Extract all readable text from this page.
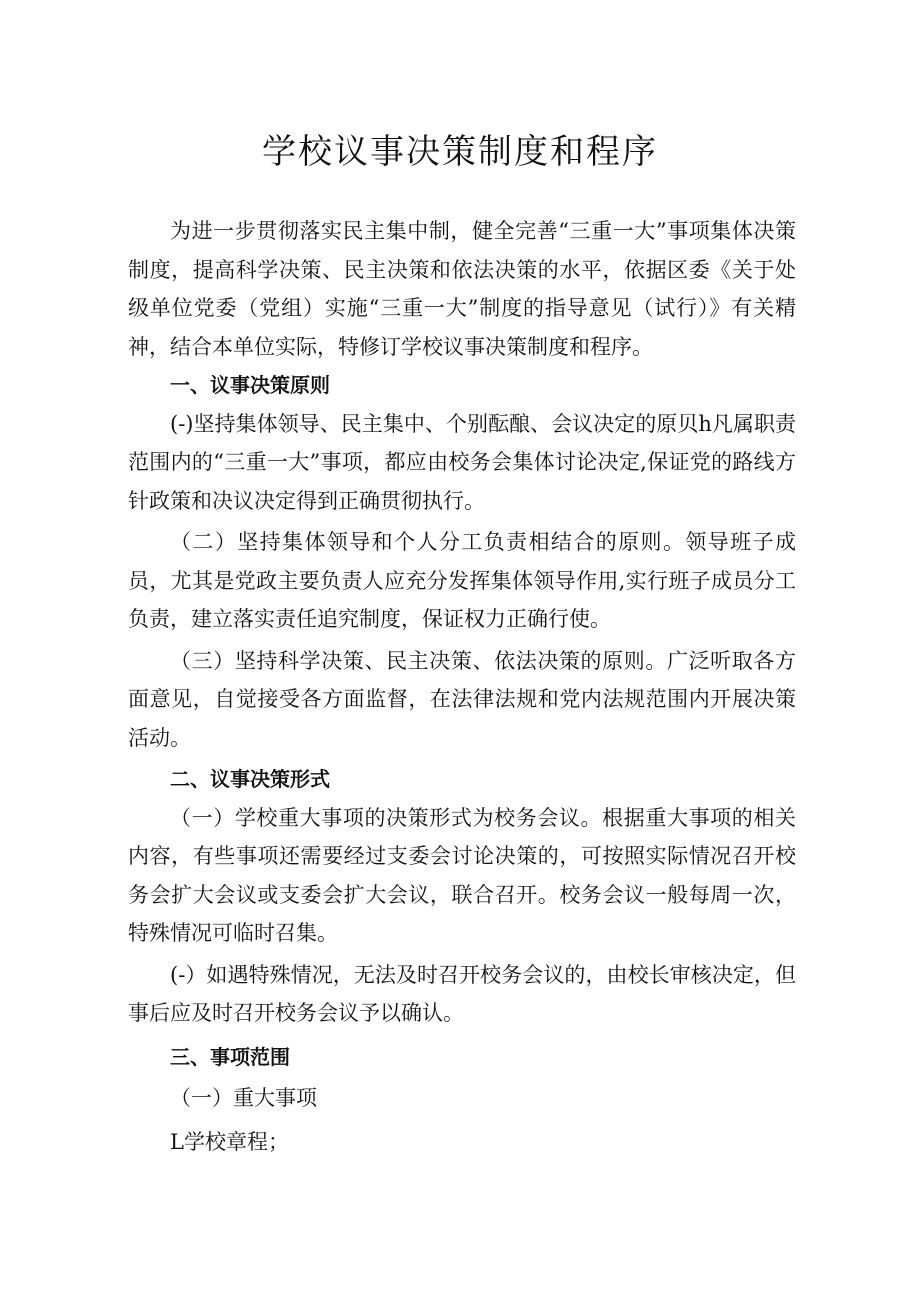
学校议事决策制度和程序

为进一步贯彻落实民主集中制，健全完善“三重一大”事项集体决策制度，提高科学决策、民主决策和依法决策的水平，依据区委《关于处级单位党委（党组）实施“三重一大”制度的指导意见（试行）》有关精神，结合本单位实际，特修订学校议事决策制度和程序。

一、议事决策原则

(-)坚持集体领导、民主集中、个别酝酿、会议决定的原贝h凡属职责范围内的“三重一大”事项，都应由校务会集体讨论决定,保证党的路线方针政策和决议决定得到正确贯彻执行。

（二）坚持集体领导和个人分工负责相结合的原则。领导班子成员，尤其是党政主要负责人应充分发挥集体领导作用,实行班子成员分工负责，建立落实责任追究制度，保证权力正确行使。

（三）坚持科学决策、民主决策、依法决策的原则。广泛听取各方面意见，自觉接受各方面监督，在法律法规和党内法规范围内开展决策活动。

二、议事决策形式

（一）学校重大事项的决策形式为校务会议。根据重大事项的相关内容，有些事项还需要经过支委会讨论决策的，可按照实际情况召开校务会扩大会议或支委会扩大会议，联合召开。校务会议一般每周一次，特殊情况可临时召集。

(-）如遇特殊情况，无法及时召开校务会议的，由校长审核决定，但事后应及时召开校务会议予以确认。

三、事项范围

（一）重大事项

L学校章程；
